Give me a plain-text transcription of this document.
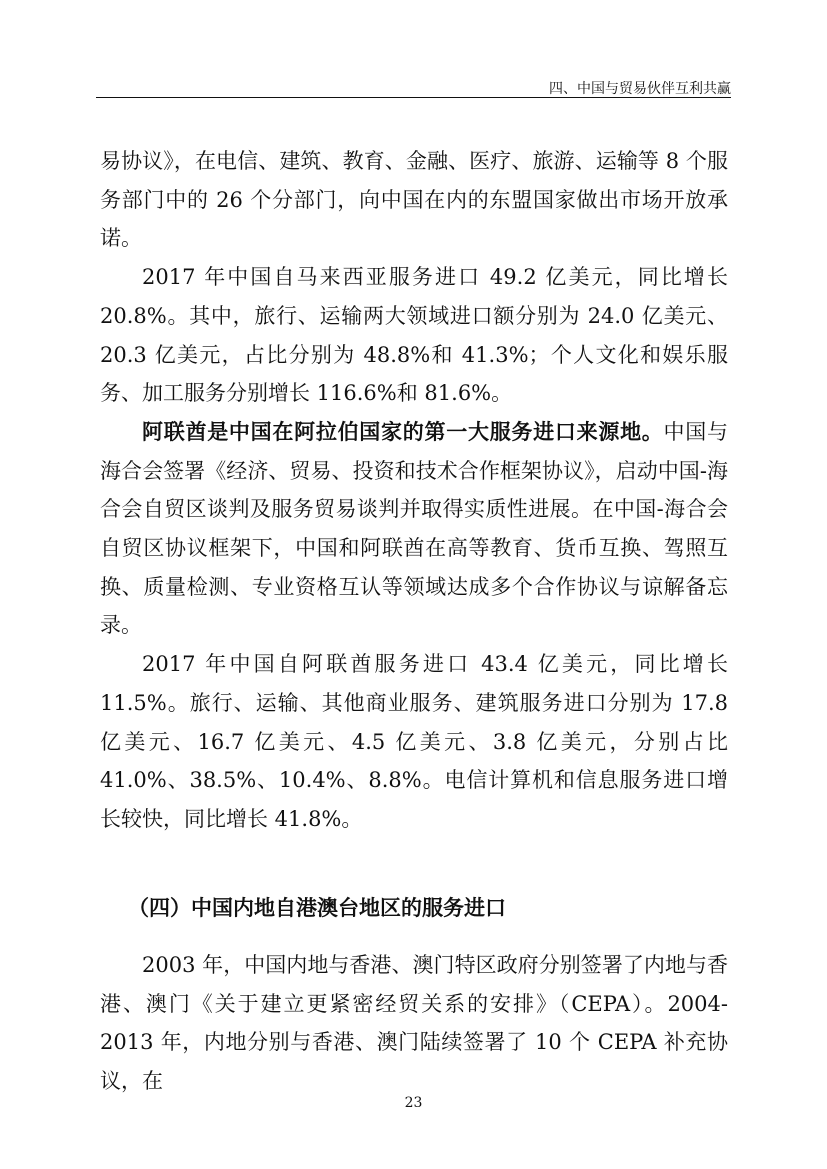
四、中国与贸易伙伴互利共赢

易协议》，在电信、建筑、教育、金融、医疗、旅游、运输等 8 个服务部门中的 26 个分部门，向中国在内的东盟国家做出市场开放承诺。

2017 年中国自马来西亚服务进口 49.2 亿美元，同比增长 20.8%。其中，旅行、运输两大领域进口额分别为 24.0 亿美元、20.3 亿美元，占比分别为 48.8%和 41.3%；个人文化和娱乐服务、加工服务分别增长 116.6%和 81.6%。

阿联酋是中国在阿拉伯国家的第一大服务进口来源地。中国与海合会签署《经济、贸易、投资和技术合作框架协议》，启动中国-海合会自贸区谈判及服务贸易谈判并取得实质性进展。在中国-海合会自贸区协议框架下，中国和阿联酋在高等教育、货币互换、驾照互换、质量检测、专业资格互认等领域达成多个合作协议与谅解备忘录。

2017 年中国自阿联酋服务进口 43.4 亿美元，同比增长 11.5%。旅行、运输、其他商业服务、建筑服务进口分别为 17.8 亿美元、16.7 亿美元、4.5 亿美元、3.8 亿美元，分别占比 41.0%、38.5%、10.4%、8.8%。电信计算机和信息服务进口增长较快，同比增长 41.8%。

（四）中国内地自港澳台地区的服务进口

2003 年，中国内地与香港、澳门特区政府分别签署了内地与香港、澳门《关于建立更紧密经贸关系的安排》（CEPA）。2004-2013 年，内地分别与香港、澳门陆续签署了 10 个 CEPA 补充协议，在

23
